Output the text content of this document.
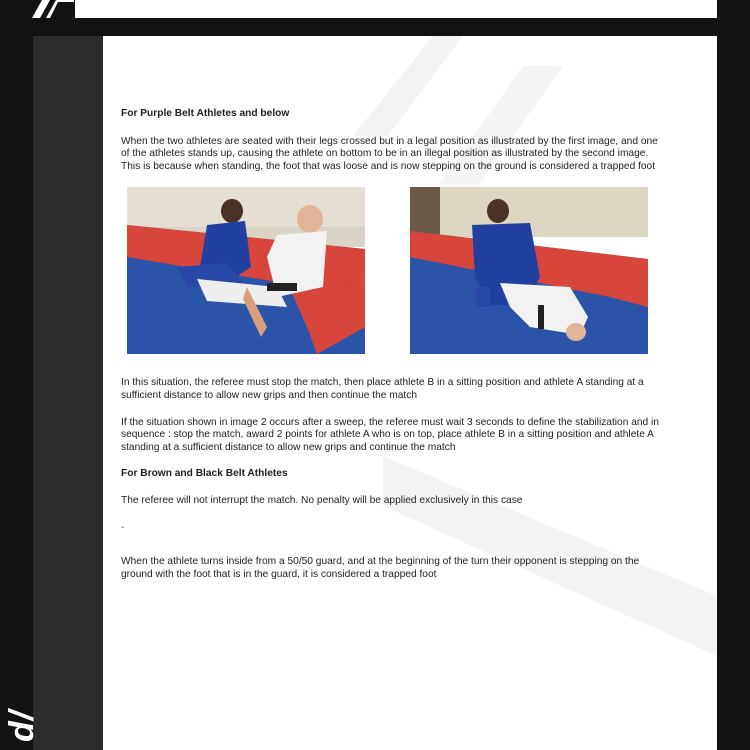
d/

For Purple Belt Athletes and below

When the two athletes are seated with their legs crossed but in a legal position as illustrated by the first image, and one of the athletes stands up, causing the athlete on bottom to be in an illegal position as illustrated by the second image. This is because when standing, the foot that was loose and is now stepping on the ground is considered a trapped foot

In this situation, the referee must stop the match, then place athlete B in a sitting position and athlete A standing at a sufficient distance to allow new grips and then continue the match

If the situation shown in image 2 occurs after a sweep, the referee must wait 3 seconds to define the stabilization and in sequence : stop the match, award 2 points for athlete A who is on top, place athlete B in a sitting position and athlete A standing at a sufficient distance to allow new grips and continue the match

For Brown and Black Belt Athletes

The referee will not interrupt the match. No penalty will be applied exclusively in this case

-

When the athlete turns inside from a 50/50 guard, and at the beginning of the turn their opponent is stepping on the ground with the foot that is in the guard, it is considered a trapped foot
